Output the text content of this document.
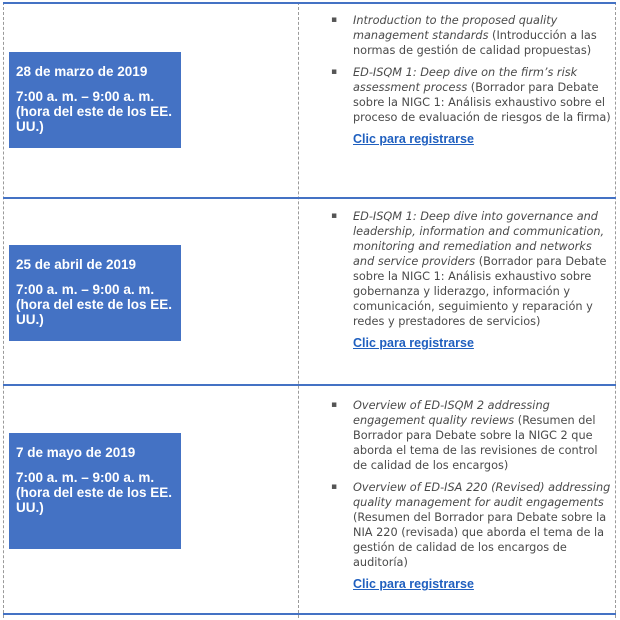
28 de marzo de 2019
7:00 a. m. – 9:00 a. m. (hora del este de los EE. UU.)
▪ Introduction to the proposed quality management standards (Introducción a las normas de gestión de calidad propuestas)
▪ ED-ISQM 1: Deep dive on the firm’s risk assessment process (Borrador para Debate sobre la NIGC 1: Análisis exhaustivo sobre el proceso de evaluación de riesgos de la firma)
Clic para registrarse
25 de abril de 2019
7:00 a. m. – 9:00 a. m. (hora del este de los EE. UU.)
▪ ED-ISQM 1: Deep dive into governance and leadership, information and communication, monitoring and remediation and networks and service providers (Borrador para Debate sobre la NIGC 1: Análisis exhaustivo sobre gobernanza y liderazgo, información y comunicación, seguimiento y reparación y redes y prestadores de servicios)
Clic para registrarse
7 de mayo de 2019
7:00 a. m. – 9:00 a. m. (hora del este de los EE. UU.)
▪ Overview of ED-ISQM 2 addressing engagement quality reviews (Resumen del Borrador para Debate sobre la NIGC 2 que aborda el tema de las revisiones de control de calidad de los encargos)
▪ Overview of ED-ISA 220 (Revised) addressing quality management for audit engagements (Resumen del Borrador para Debate sobre la NIA 220 (revisada) que aborda el tema de la gestión de calidad de los encargos de auditoría)
Clic para registrarse
